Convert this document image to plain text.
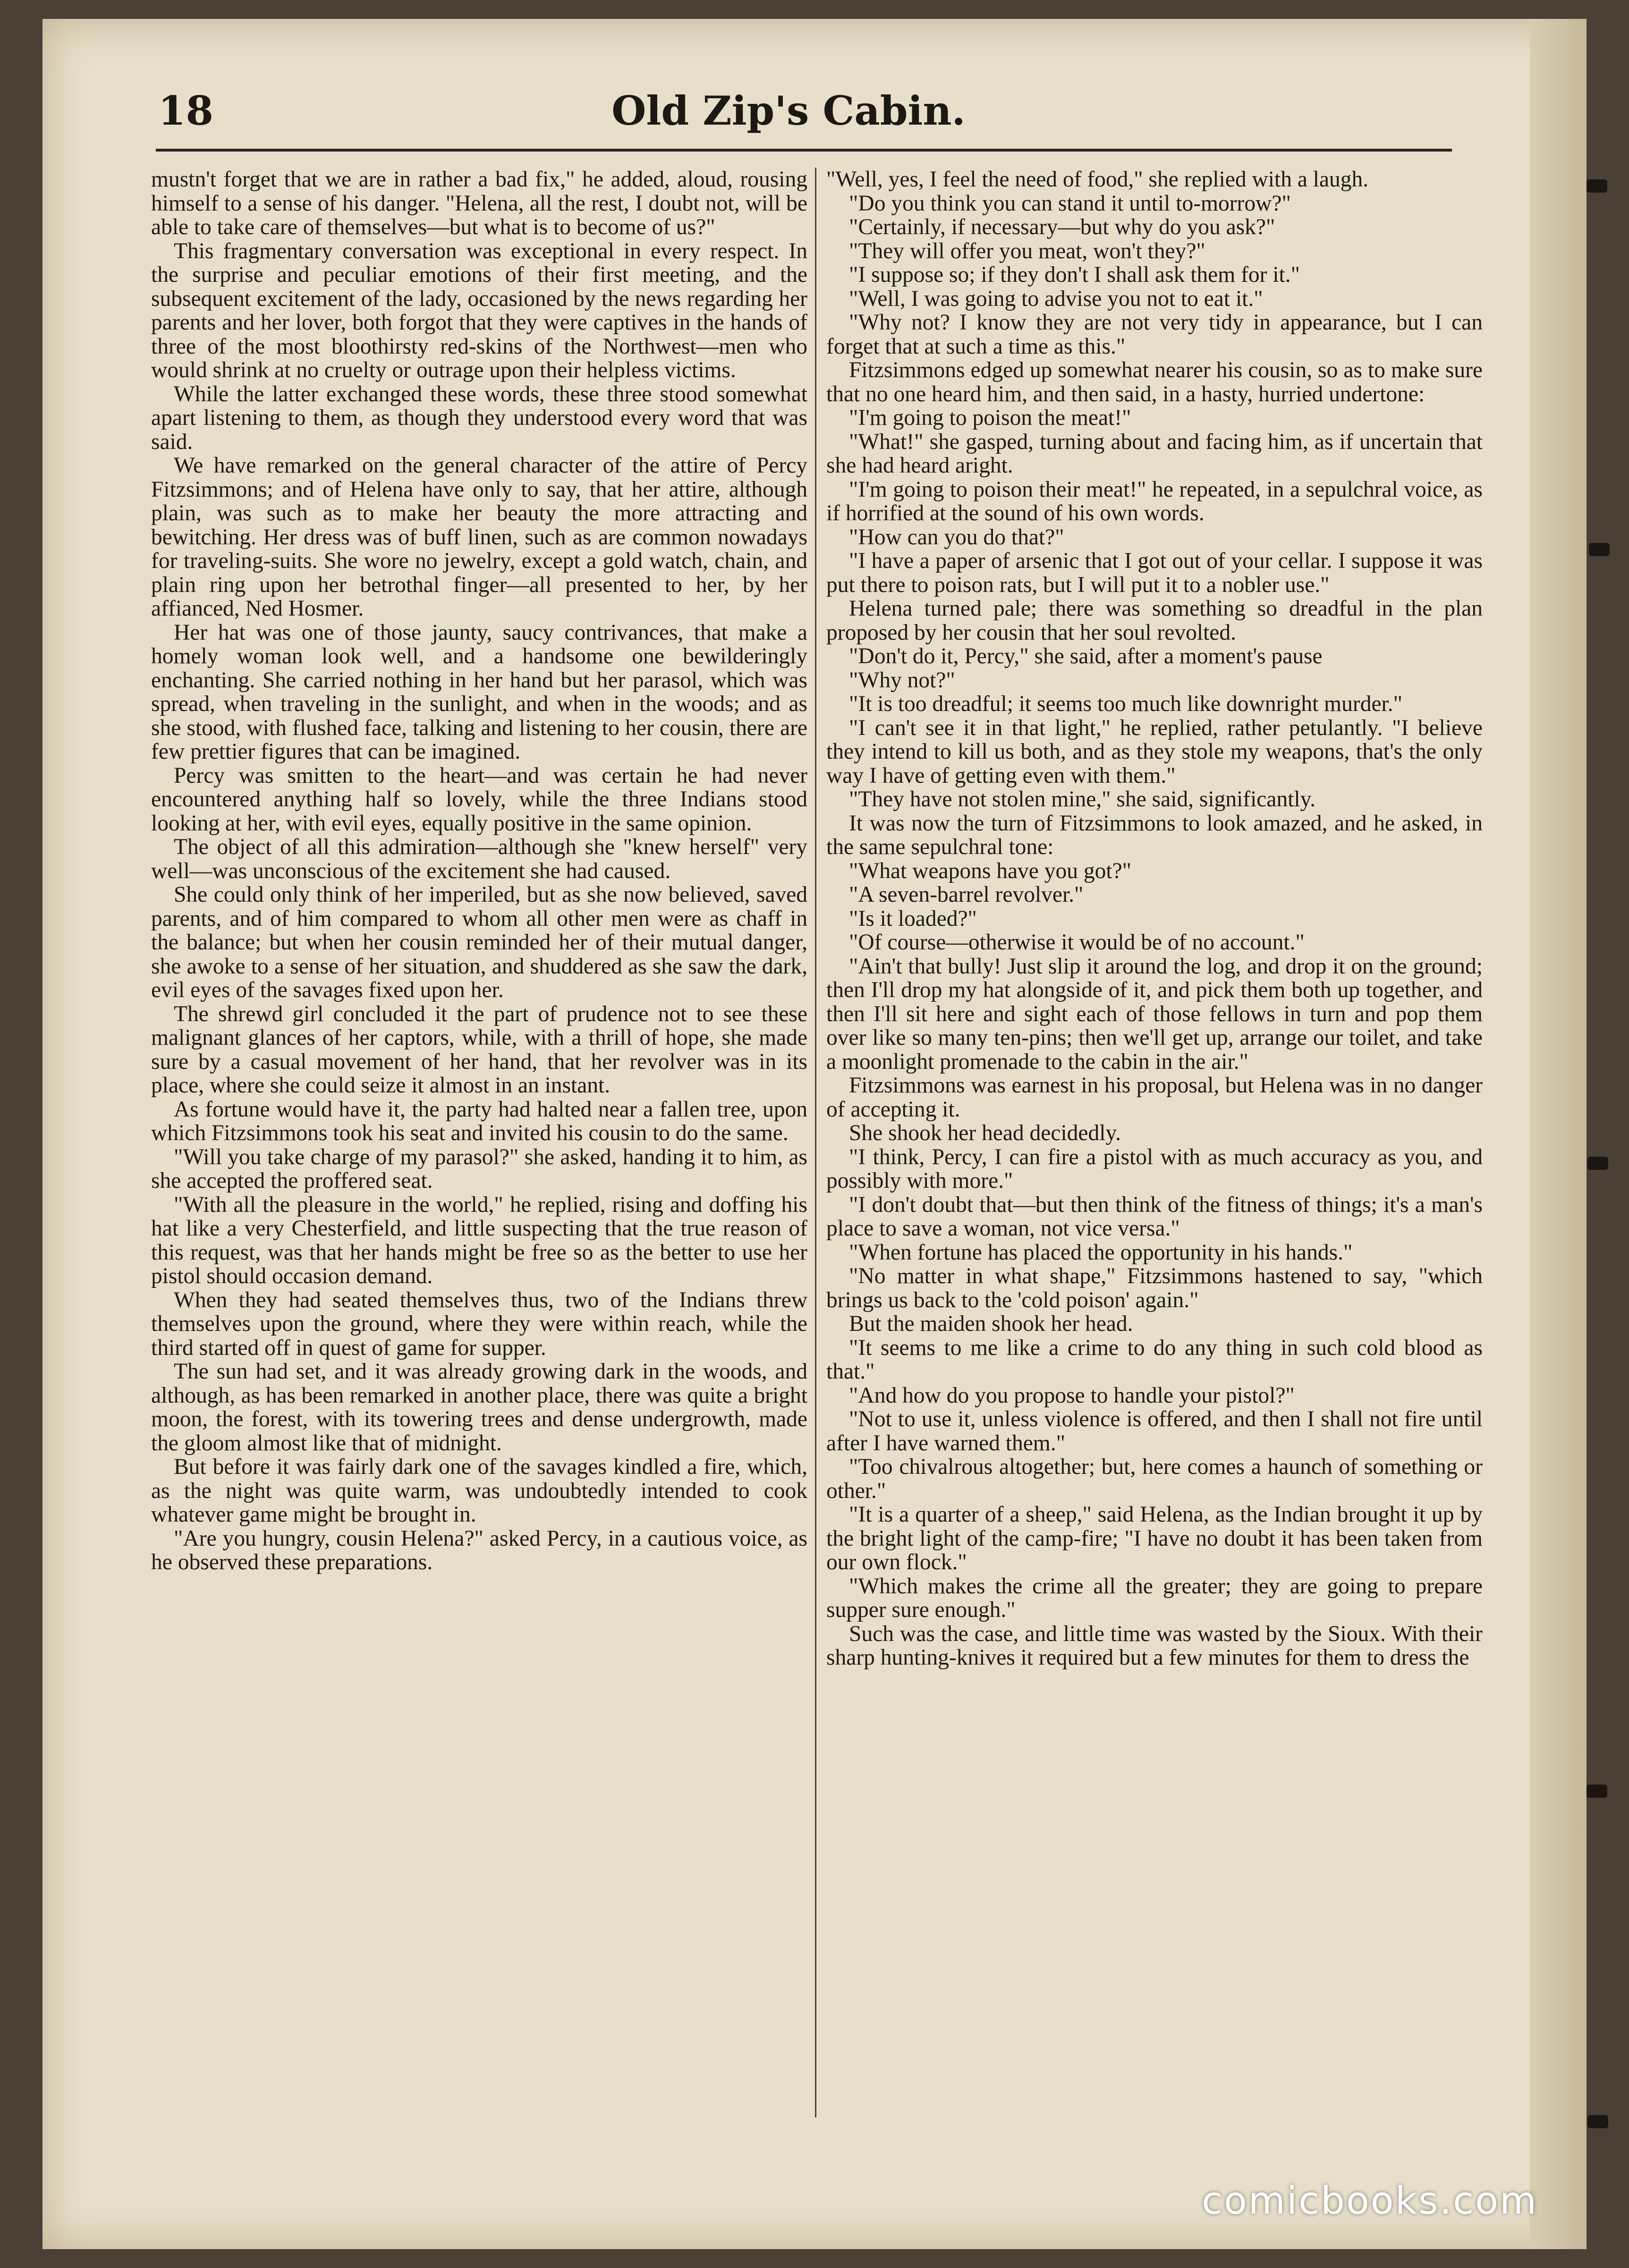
18	Old Zip's Cabin.

mustn't forget that we are in rather a bad fix," he added, aloud, rousing himself to a sense of his danger. "Helena, all the rest, I doubt not, will be able to take care of themselves—but what is to become of us?"

This fragmentary conversation was exceptional in every respect. In the surprise and peculiar emotions of their first meeting, and the subsequent excitement of the lady, occasioned by the news regarding her parents and her lover, both forgot that they were captives in the hands of three of the most bloothirsty red-skins of the Northwest—men who would shrink at no cruelty or outrage upon their helpless victims.

While the latter exchanged these words, these three stood somewhat apart listening to them, as though they understood every word that was said.

We have remarked on the general character of the attire of Percy Fitzsimmons; and of Helena have only to say, that her attire, although plain, was such as to make her beauty the more attracting and bewitching. Her dress was of buff linen, such as are common nowadays for traveling-suits. She wore no jewelry, except a gold watch, chain, and plain ring upon her betrothal finger—all presented to her, by her affianced, Ned Hosmer.

Her hat was one of those jaunty, saucy contrivances, that make a homely woman look well, and a handsome one bewilderingly enchanting. She carried nothing in her hand but her parasol, which was spread, when traveling in the sunlight, and when in the woods; and as she stood, with flushed face, talking and listening to her cousin, there are few prettier figures that can be imagined.

Percy was smitten to the heart—and was certain he had never encountered anything half so lovely, while the three Indians stood looking at her, with evil eyes, equally positive in the same opinion.

The object of all this admiration—although she "knew herself" very well—was unconscious of the excitement she had caused.

She could only think of her imperiled, but as she now believed, saved parents, and of him compared to whom all other men were as chaff in the balance; but when her cousin reminded her of their mutual danger, she awoke to a sense of her situation, and shuddered as she saw the dark, evil eyes of the savages fixed upon her.

The shrewd girl concluded it the part of prudence not to see these malignant glances of her captors, while, with a thrill of hope, she made sure by a casual movement of her hand, that her revolver was in its place, where she could seize it almost in an instant.

As fortune would have it, the party had halted near a fallen tree, upon which Fitzsimmons took his seat and invited his cousin to do the same.

"Will you take charge of my parasol?" she asked, handing it to him, as she accepted the proffered seat.

"With all the pleasure in the world," he replied, rising and doffing his hat like a very Chesterfield, and little suspecting that the true reason of this request, was that her hands might be free so as the better to use her pistol should occasion demand.

When they had seated themselves thus, two of the Indians threw themselves upon the ground, where they were within reach, while the third started off in quest of game for supper.

The sun had set, and it was already growing dark in the woods, and although, as has been remarked in another place, there was quite a bright moon, the forest, with its towering trees and dense undergrowth, made the gloom almost like that of midnight.

But before it was fairly dark one of the savages kindled a fire, which, as the night was quite warm, was undoubtedly intended to cook whatever game might be brought in.

"Are you hungry, cousin Helena?" asked Percy, in a cautious voice, as he observed these preparations.

"Well, yes, I feel the need of food," she replied with a laugh.

"Do you think you can stand it until to-morrow?"

"Certainly, if necessary—but why do you ask?"

"They will offer you meat, won't they?"

"I suppose so; if they don't I shall ask them for it."

"Well, I was going to advise you not to eat it."

"Why not? I know they are not very tidy in appearance, but I can forget that at such a time as this."

Fitzsimmons edged up somewhat nearer his cousin, so as to make sure that no one heard him, and then said, in a hasty, hurried undertone:

"I'm going to poison the meat!"

"What!" she gasped, turning about and facing him, as if uncertain that she had heard aright.

"I'm going to poison their meat!" he repeated, in a sepulchral voice, as if horrified at the sound of his own words.

"How can you do that?"

"I have a paper of arsenic that I got out of your cellar. I suppose it was put there to poison rats, but I will put it to a nobler use."

Helena turned pale; there was something so dreadful in the plan proposed by her cousin that her soul revolted.

"Don't do it, Percy," she said, after a moment's pause

"Why not?"

"It is too dreadful; it seems too much like downright murder."

"I can't see it in that light," he replied, rather petulantly. "I believe they intend to kill us both, and as they stole my weapons, that's the only way I have of getting even with them."

"They have not stolen mine," she said, significantly.

It was now the turn of Fitzsimmons to look amazed, and he asked, in the same sepulchral tone:

"What weapons have you got?"

"A seven-barrel revolver."

"Is it loaded?"

"Of course—otherwise it would be of no account."

"Ain't that bully! Just slip it around the log, and drop it on the ground; then I'll drop my hat alongside of it, and pick them both up together, and then I'll sit here and sight each of those fellows in turn and pop them over like so many ten-pins; then we'll get up, arrange our toilet, and take a moonlight promenade to the cabin in the air."

Fitzsimmons was earnest in his proposal, but Helena was in no danger of accepting it.

She shook her head decidedly.

"I think, Percy, I can fire a pistol with as much accuracy as you, and possibly with more."

"I don't doubt that—but then think of the fitness of things; it's a man's place to save a woman, not vice versa."

"When fortune has placed the opportunity in his hands."

"No matter in what shape," Fitzsimmons hastened to say, "which brings us back to the 'cold poison' again."

But the maiden shook her head.

"It seems to me like a crime to do any thing in such cold blood as that."

"And how do you propose to handle your pistol?"

"Not to use it, unless violence is offered, and then I shall not fire until after I have warned them."

"Too chivalrous altogether; but, here comes a haunch of something or other."

"It is a quarter of a sheep," said Helena, as the Indian brought it up by the bright light of the camp-fire; "I have no doubt it has been taken from our own flock."

"Which makes the crime all the greater; they are going to prepare supper sure enough."

Such was the case, and little time was wasted by the Sioux. With their sharp hunting-knives it required but a few minutes for them to dress the

comicbooks.com
